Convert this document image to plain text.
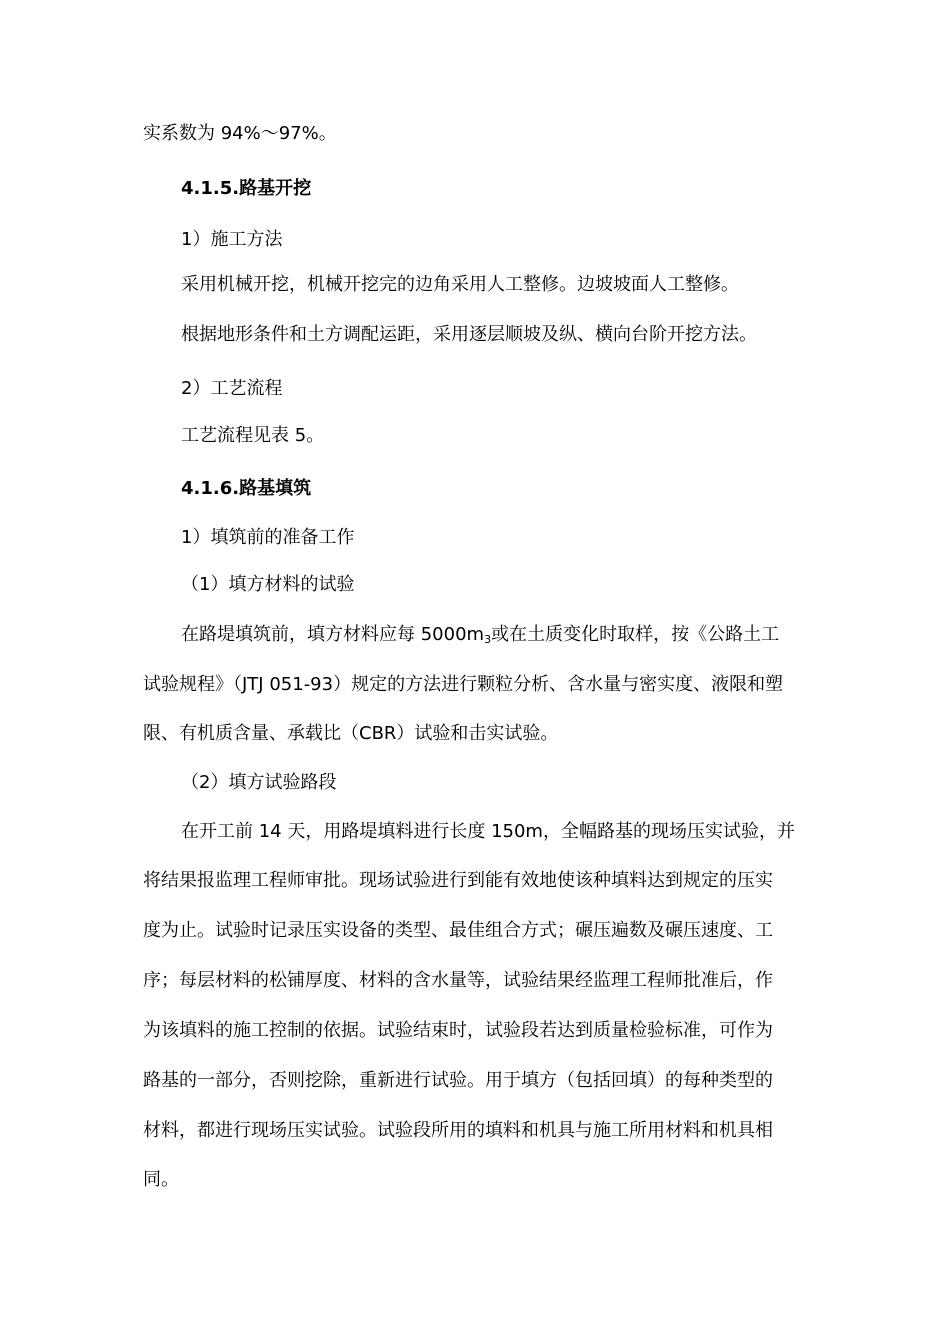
实系数为 94%～97%。
4.1.5.路基开挖
1）施工方法
采用机械开挖，机械开挖完的边角采用人工整修。边坡坡面人工整修。
根据地形条件和土方调配运距，采用逐层顺坡及纵、横向台阶开挖方法。
2）工艺流程
工艺流程见表 5。
4.1.6.路基填筑
1）填筑前的准备工作
（1）填方材料的试验
在路堤填筑前，填方材料应每 $5000m_3$或在土质变化时取样，按《公路土工
试验规程》（JTJ 051-93）规定的方法进行颗粒分析、含水量与密实度、液限和塑
限、有机质含量、承载比（CBR）试验和击实试验。
（2）填方试验路段
在开工前 14 天，用路堤填料进行长度 150m，全幅路基的现场压实试验，并
将结果报监理工程师审批。现场试验进行到能有效地使该种填料达到规定的压实
度为止。试验时记录压实设备的类型、最佳组合方式；碾压遍数及碾压速度、工
序；每层材料的松铺厚度、材料的含水量等，试验结果经监理工程师批准后，作
为该填料的施工控制的依据。试验结束时，试验段若达到质量检验标准，可作为
路基的一部分，否则挖除，重新进行试验。用于填方（包括回填）的每种类型的
材料，都进行现场压实试验。试验段所用的填料和机具与施工所用材料和机具相
同。
